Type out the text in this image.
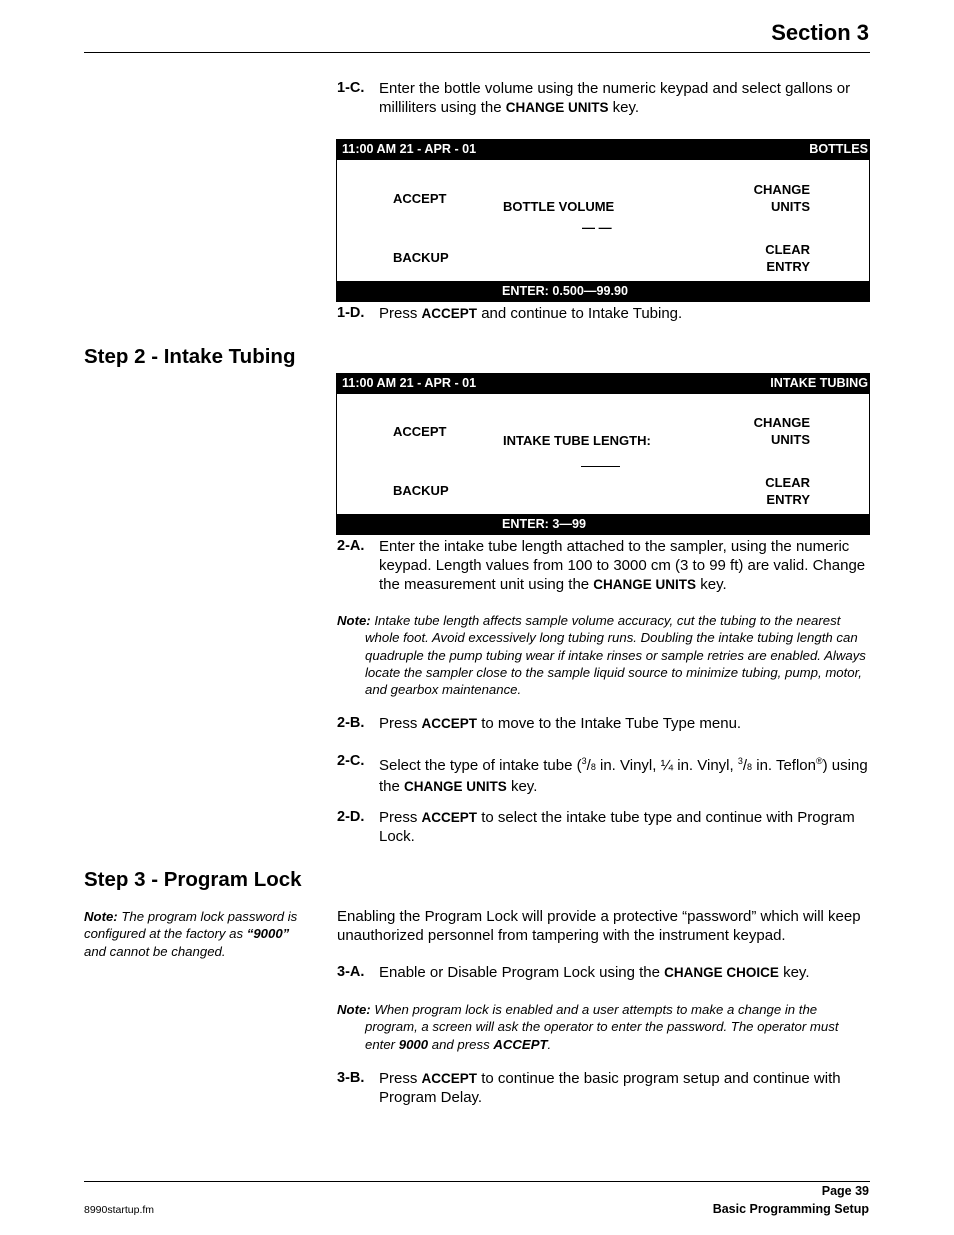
Section 3
1-C. Enter the bottle volume using the numeric keypad and select gallons or milliliters using the CHANGE UNITS key.
11:00 AM 21 - APR - 01	BOTTLES
ACCEPT
BACKUP
BOTTLE VOLUME
— —
CHANGE
UNITS
CLEAR
ENTRY
ENTER: 0.500—99.90
1-D. Press ACCEPT and continue to Intake Tubing.
Step 2 - Intake Tubing
11:00 AM 21 - APR - 01	INTAKE TUBING
ACCEPT
BACKUP
INTAKE TUBE LENGTH:
CHANGE
UNITS
CLEAR
ENTRY
ENTER: 3—99
2-A. Enter the intake tube length attached to the sampler, using the numeric keypad. Length values from 100 to 3000 cm (3 to 99 ft) are valid. Change the measurement unit using the CHANGE UNITS key.
Note: Intake tube length affects sample volume accuracy, cut the tubing to the nearest whole foot. Avoid excessively long tubing runs. Doubling the intake tubing length can quadruple the pump tubing wear if intake rinses or sample retries are enabled. Always locate the sampler close to the sample liquid source to minimize tubing, pump, motor, and gearbox maintenance.
2-B. Press ACCEPT to move to the Intake Tube Type menu.
2-C. Select the type of intake tube ($^3$/8 in. Vinyl, ¼ in. Vinyl, $^3$/8 in. Teflon®) using the CHANGE UNITS key.
2-D. Press ACCEPT to select the intake tube type and continue with Program Lock.
Step 3 - Program Lock
Note: The program lock password is configured at the factory as “9000” and cannot be changed.
Enabling the Program Lock will provide a protective “password” which will keep unauthorized personnel from tampering with the instrument keypad.
3-A. Enable or Disable Program Lock using the CHANGE CHOICE key.
Note: When program lock is enabled and a user attempts to make a change in the program, a screen will ask the operator to enter the password. The operator must enter 9000 and press ACCEPT.
3-B. Press ACCEPT to continue the basic program setup and continue with Program Delay.
Page 39
Basic Programming Setup
8990startup.fm
